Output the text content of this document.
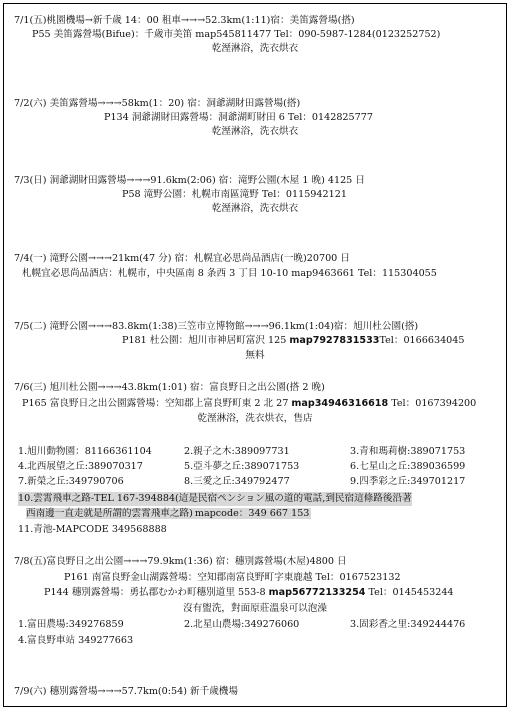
7/1(五)桃園機場→新千歲 14：00 租車→→→52.3km(1:11)宿：美笛露營場(搭)
P55 美笛露營場(Bifue)：千歲市美笛 map545811477 Tel：090-5987-1284(0123252752)
乾溼淋浴，洗衣烘衣
7/2(六) 美笛露營場→→→58km(1：20) 宿：洞爺湖財田露營場(搭)
P134 洞爺湖財田露營場：洞爺湖町財田 6 Tel：0142825777
乾溼淋浴，洗衣烘衣
7/3(日) 洞爺湖財田露營場→→→91.6km(2:06) 宿：滝野公園(木屋 1 晚) 4125 日
P58 滝野公園：札幌市南區滝野 Tel：0115942121
乾溼淋浴，洗衣烘衣
7/4(一) 滝野公園→→→21km(47 分) 宿：札幌宜必思尚品酒店(一晚)20700 日
札幌宜必思尚品酒店：札幌市，中央區南 8 条西 3 丁目 10-10 map9463661 Tel：115304055
7/5(二) 滝野公園→→→83.8km(1:38)三笠市立博物館→→→96.1km(1:04)宿：旭川杜公園(搭)
P181 杜公園：旭川市神居町富沢 125 map7927831533Tel：0166634045
無料
7/6(三) 旭川杜公園→→→43.8km(1:01) 宿：富良野日之出公園(搭 2 晚)
P165 富良野日之出公園露營場：空知郡上富良野町東 2 北 27 map34946316618 Tel：0167394200
乾溼淋浴，洗衣烘衣，售店
1.旭川動物園：81166361104	2.親子之木:389097731	3.青和瑪莉樹:389071753
4.北西展望之丘:389070317	5.亞斗夢之丘:389071753	6.七星山之丘:389036599
7.新榮之丘:349790706	8.三愛之丘:349792477	9.四季彩之丘:349701217
10.雲霄飛車之路-TEL 167-394884(這是民宿ペンション風の道的電話,到民宿這條路後沿著
西南邊一直走就是所謂的雲霄飛車之路) mapcode：349 667 153
11.青池-MAPCODE 349568888
7/8(五)富良野日之出公園→→→79.9km(1:36) 宿：穗別露營場(木屋)4800 日
P161 南富良野金山湖露營場：空知郡南富良野町字東鹿越 Tel：0167523132
P144 穗別露營場：勇払郡むかわ町穗別道里 553-8 map56772133254 Tel：0145453244
沒有盥洗，對面原莊溫泉可以泡澡
1.富田農場:349276859	2.北星山農場:349276060	3.固彩香之里:349244476
4.富良野車站 349277663
7/9(六) 穗別露營場→→→57.7km(0:54) 新千歲機場
